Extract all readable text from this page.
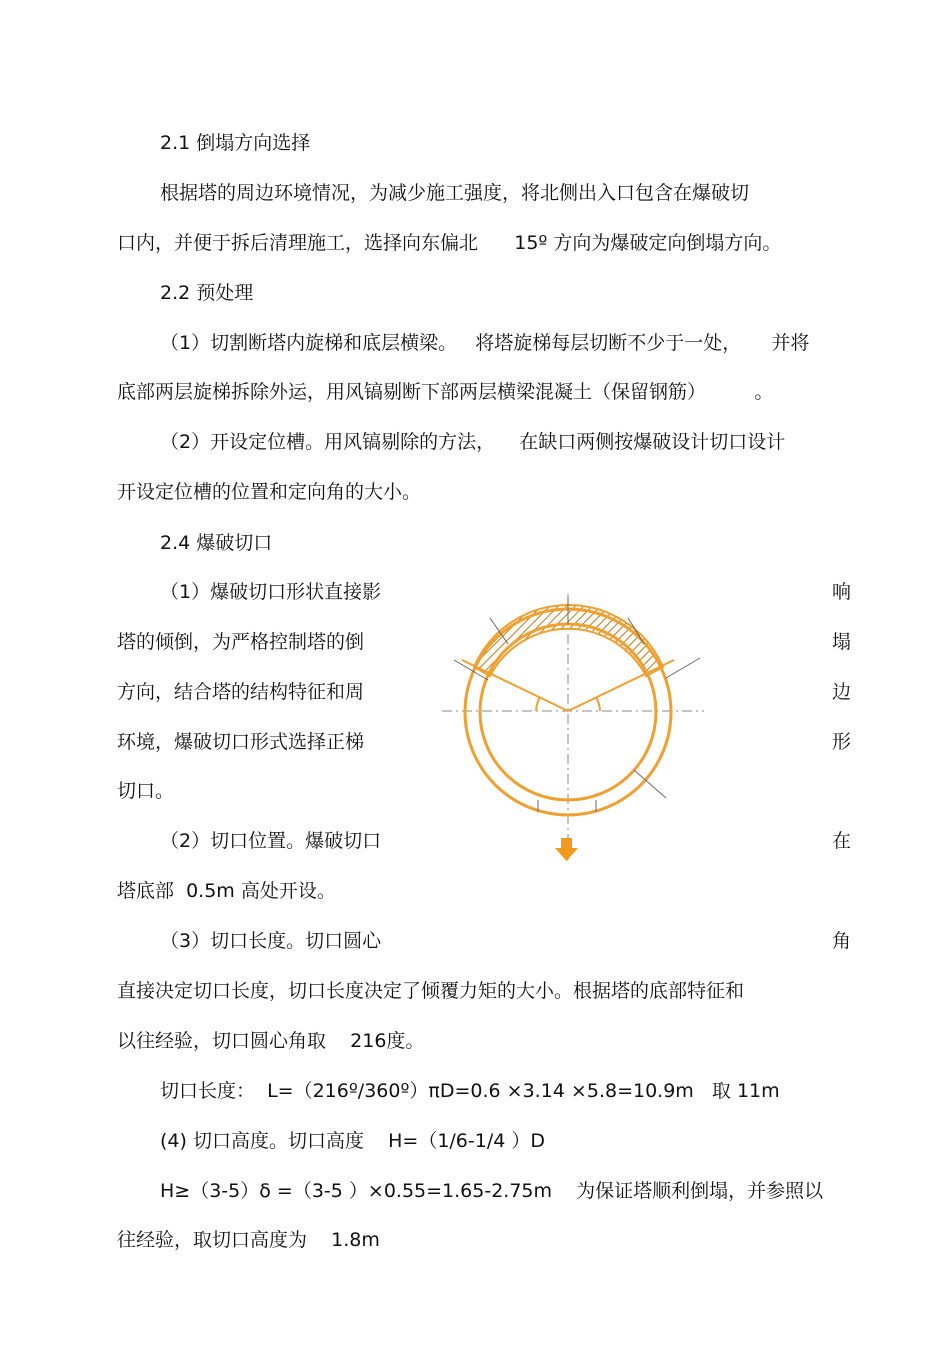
2.1 倒塌方向选择
根据塔的周边环境情况，为减少施工强度，将北侧出入口包含在爆破切
口内，并便于拆后清理施工，选择向东偏北      15º 方向为爆破定向倒塌方向。
2.2 预处理
（1）切割断塔内旋梯和底层横梁。   将塔旋梯每层切断不少于一处，     并将
底部两层旋梯拆除外运，用风镐剔断下部两层横梁混凝土（保留钢筋）        。
（2）开设定位槽。用风镐剔除的方法，    在缺口两侧按爆破设计切口设计
开设定位槽的位置和定向角的大小。
2.4 爆破切口
（1）爆破切口形状直接影	响
塔的倾倒，为严格控制塔的倒	塌
方向，结合塔的结构特征和周	边
环境，爆破切口形式选择正梯	形
切口。
（2）切口位置。爆破切口	在
塔底部  0.5m 高处开设。
（3）切口长度。切口圆心	角
直接决定切口长度，切口长度决定了倾覆力矩的大小。根据塔的底部特征和
以往经验，切口圆心角取    216度。
切口长度：  L=（216º/360º）πD=0.6 ×3.14 ×5.8=10.9m   取 11m
(4) 切口高度。切口高度    H=（1/6-1/4 ）D
H≥（3-5）δ =（3-5 ）×0.55=1.65-2.75m    为保证塔顺利倒塌，并参照以
往经验，取切口高度为    1.8m
